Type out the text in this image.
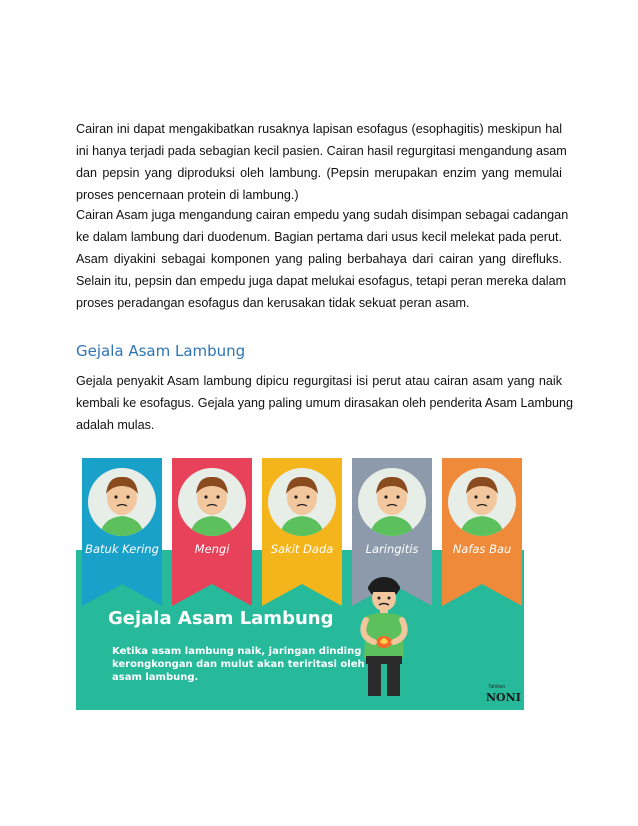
Cairan ini dapat mengakibatkan rusaknya lapisan esofagus (esophagitis) meskipun hal
ini hanya terjadi pada sebagian kecil pasien. Cairan hasil regurgitasi mengandung asam
dan pepsin yang diproduksi oleh lambung. (Pepsin merupakan enzim yang memulai
proses pencernaan protein di lambung.)

Cairan Asam juga mengandung cairan empedu yang sudah disimpan sebagai cadangan
ke dalam lambung dari duodenum. Bagian pertama dari usus kecil melekat pada perut.
Asam diyakini sebagai komponen yang paling berbahaya dari cairan yang direfluks.
Selain itu, pepsin dan empedu juga dapat melukai esofagus, tetapi peran mereka dalam
proses peradangan esofagus dan kerusakan tidak sekuat peran asam.

Gejala Asam Lambung

Gejala penyakit Asam lambung dipicu regurgitasi isi perut atau cairan asam yang naik
kembali ke esofagus. Gejala yang paling umum dirasakan oleh penderita Asam Lambung
adalah mulas.

Batuk Kering	Mengi	Sakit Dada	Laringitis	Nafas Bau
Gejala Asam Lambung
Ketika asam lambung naik, jaringan dinding
kerongkongan dan mulut akan teriritasi oleh
asam lambung.
Tahitian
NONI
